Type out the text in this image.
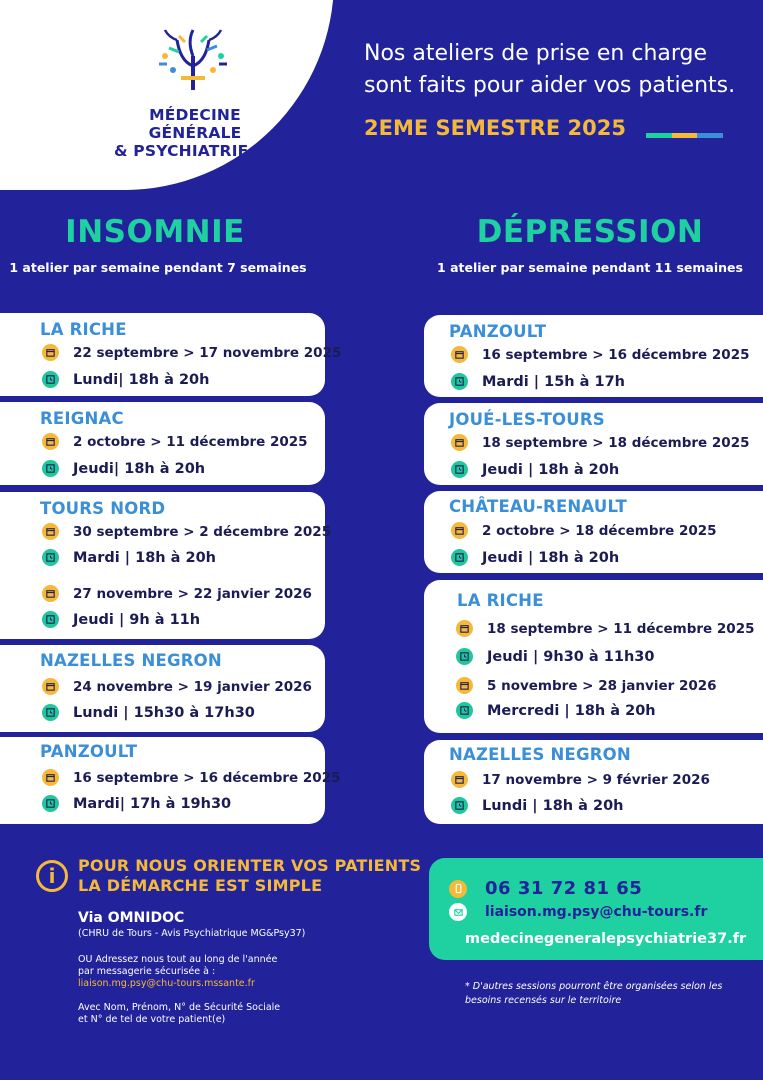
MÉDECINE GÉNÉRALE
& PSYCHIATRIE 37
Nos ateliers de prise en charge
sont faits pour aider vos patients.
2EME SEMESTRE 2025
INSOMNIE
1 atelier par semaine pendant 7 semaines
DÉPRESSION
1 atelier par semaine pendant 11 semaines
LA RICHE
22 septembre > 17 novembre 2025
Lundi| 18h à 20h
REIGNAC
2 octobre > 11 décembre 2025
Jeudi| 18h à 20h
TOURS NORD
30 septembre > 2 décembre 2025
Mardi | 18h à 20h
27 novembre > 22 janvier 2026
Jeudi | 9h à 11h
NAZELLES NEGRON
24 novembre > 19 janvier 2026
Lundi | 15h30 à 17h30
PANZOULT
16 septembre > 16 décembre 2025
Mardi| 17h à 19h30
PANZOULT
16 septembre > 16 décembre 2025
Mardi | 15h à 17h
JOUÉ-LES-TOURS
18 septembre > 18 décembre 2025
Jeudi | 18h à 20h
CHÂTEAU-RENAULT
2 octobre > 18 décembre 2025
Jeudi | 18h à 20h
LA RICHE
18 septembre > 11 décembre 2025
Jeudi | 9h30 à 11h30
5 novembre > 28 janvier 2026
Mercredi | 18h à 20h
NAZELLES NEGRON
17 novembre > 9 février 2026
Lundi | 18h à 20h
i	POUR NOUS ORIENTER VOS PATIENTS
LA DÉMARCHE EST SIMPLE
Via OMNIDOC
(CHRU de Tours - Avis Psychiatrique MG&Psy37)
OU Adressez nous tout au long de l'année
par messagerie sécurisée à :
liaison.mg.psy@chu-tours.mssante.fr
Avec Nom, Prénom, N° de Sécurité Sociale
et N° de tel de votre patient(e)
06 31 72 81 65
liaison.mg.psy@chu-tours.fr
medecinegeneralepsychiatrie37.fr
* D'autres sessions pourront être organisées selon les
besoins recensés sur le territoire
